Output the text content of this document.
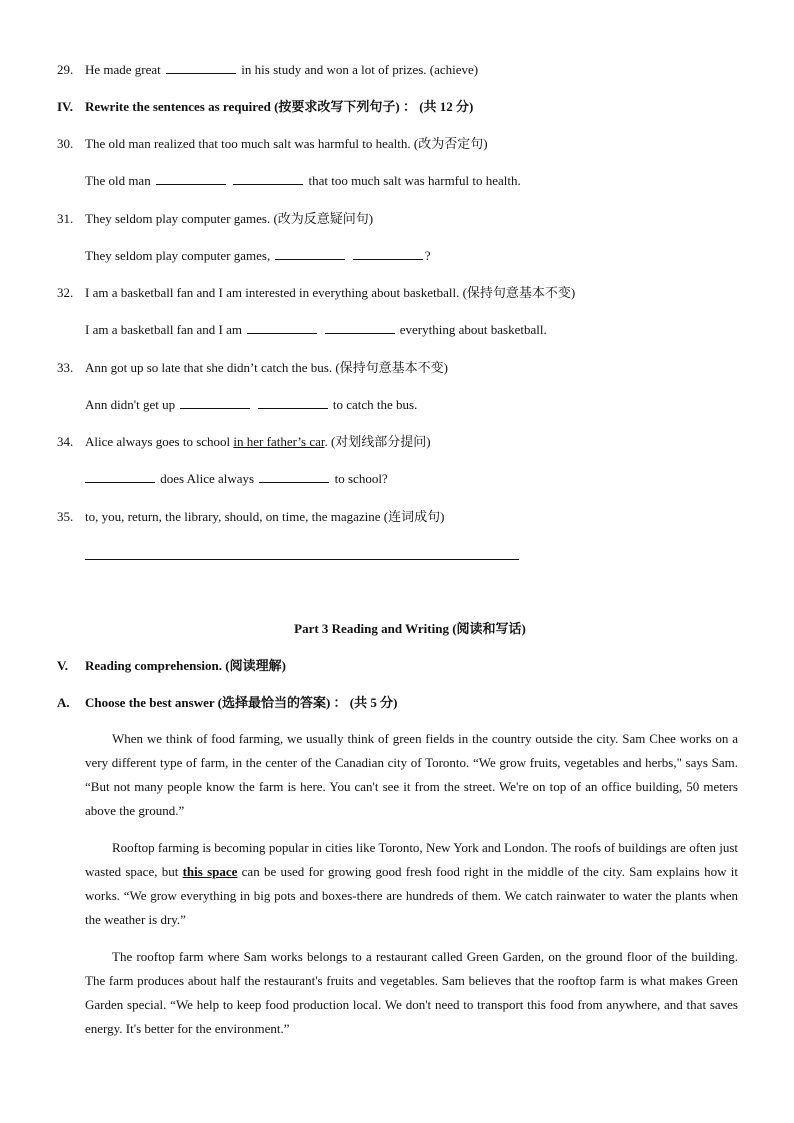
29. He made great	in his study and won a lot of prizes. (achieve)
IV. Rewrite the sentences as required (按要求改写下列句子) ： (共 12 分)
30. The old man realized that too much salt was harmful to health. (改为否定句)
The old man	that too much salt was harmful to health.
31. They seldom play computer games. (改为反意疑问句)
They seldom play computer games,	?
32. I am a basketball fan and I am interested in everything about basketball. (保持句意基本不变)
I am a basketball fan and I am	everything about basketball.
33. Ann got up so late that she didn’t catch the bus. (保持句意基本不变)
Ann didn't get up	to catch the bus.
34. Alice always goes to school in her father’s car. (对划线部分提问)
does Alice always	to school?
35. to, you, return, the library, should, on time, the magazine (连词成句)
Part 3 Reading and Writing (阅读和写话)
V. Reading comprehension. (阅读理解)
A. Choose the best answer (选择最恰当的答案) ： (共 5 分)

When we think of food farming, we usually think of green fields in the country outside the city. Sam Chee works on a very different type of farm, in the center of the Canadian city of Toronto. “We grow fruits, vegetables and herbs," says Sam. “But not many people know the farm is here. You can't see it from the street. We're on top of an office building, 50 meters above the ground.”

Rooftop farming is becoming popular in cities like Toronto, New York and London. The roofs of buildings are often just wasted space, but this space can be used for growing good fresh food right in the middle of the city. Sam explains how it works. “We grow everything in big pots and boxes-there are hundreds of them. We catch rainwater to water the plants when the weather is dry.”

The rooftop farm where Sam works belongs to a restaurant called Green Garden, on the ground floor of the building. The farm produces about half the restaurant's fruits and vegetables. Sam believes that the rooftop farm is what makes Green Garden special. “We help to keep food production local. We don't need to transport this food from anywhere, and that saves energy. It's better for the environment.”
